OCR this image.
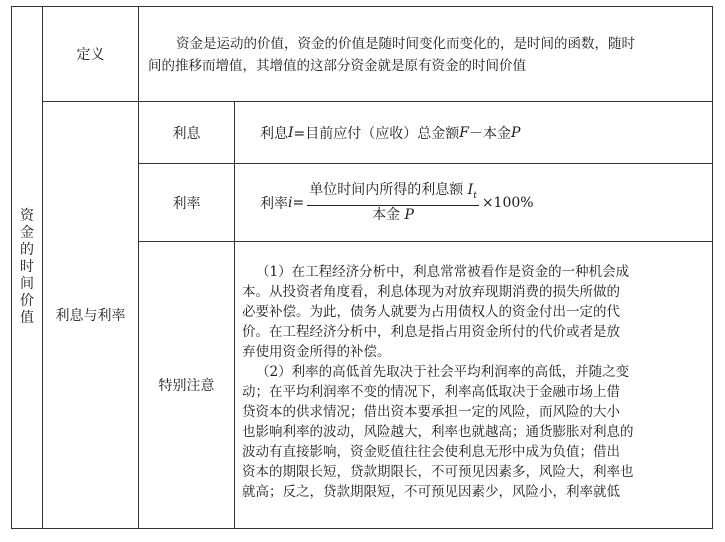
资
金
的
时
间
价
值
定义
资金是运动的价值，资金的价值是随时间变化而变化的，是时间的函数，随时
间的推移而增值，其增值的这部分资金就是原有资金的时间价值
利息与利率
利息	利息 I =目前应付（应收）总金额 F －本金 P
利率	利率 $i = \frac{单位时间内所得的利息额 I_t}{\text{本金 P}} \times 100\%$
特别注意
（1）在工程经济分析中，利息常常被看作是资金的一种机会成
本。从投资者角度看，利息体现为对放弃现期消费的损失所做的
必要补偿。为此，债务人就要为占用债权人的资金付出一定的代
价。在工程经济分析中，利息是指占用资金所付的代价或者是放
弃使用资金所得的补偿。
（2）利率的高低首先取决于社会平均利润率的高低，并随之变
动；在平均利润率不变的情况下，利率高低取决于金融市场上借
贷资本的供求情况；借出资本要承担一定的风险，而风险的大小
也影响利率的波动，风险越大，利率也就越高；通货膨胀对利息的
波动有直接影响，资金贬值往往会使利息无形中成为负值；借出
资本的期限长短，贷款期限长，不可预见因素多，风险大，利率也
就高；反之，贷款期限短，不可预见因素少，风险小，利率就低
